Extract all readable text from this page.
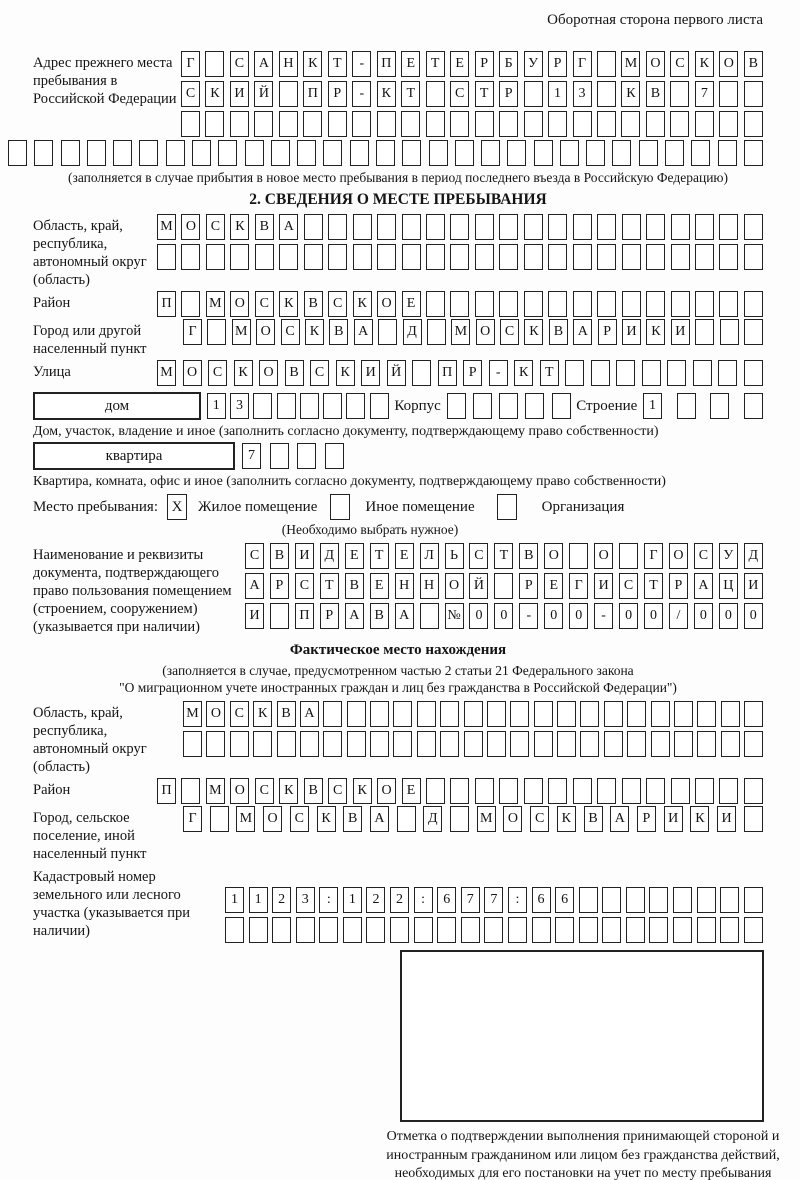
Оборотная сторона первого листа
Адрес прежнего места пребывания в Российской Федерации
Г	С	А	Н	К	Т	-	П	Е	Т	Е	Р	Б	У	Р	Г	М О	С	К	О	В
С	К	И	Й	П	Р	-	К	Т	С	Т	Р	1	3	К	В	7
(заполняется в случае прибытия в новое место пребывания в период последнего въезда в Российскую Федерацию)
2. СВЕДЕНИЯ О МЕСТЕ ПРЕБЫВАНИЯ
Область, край, республика, автономный округ (область)
М О	С	К	В	А
Район	П	М О	С	К	В	С	К	О	Е
Город или другой населенный пункт
Г	М О	С	К	В	А	Д	М О	С	К	В	А	Р	И	К	И
Улица	М	О	С	К	О	В	С	К	И	Й	П	Р	-	К	Т
дом	1	3	Корпус	Строение 1
Дом, участок, владение и иное (заполнить согласно документу, подтверждающему право собственности)
квартира	7
Квартира, комната, офис и иное (заполнить согласно документу, подтверждающему право собственности)
Место пребывания: X	Жилое помещение	Иное помещение	Организация
(Необходимо выбрать нужное)
Наименование и реквизиты документа, подтверждающего право пользования помещением (строением, сооружением) (указывается при наличии)
С	В	И	Д	Е	Т	Е	Л	Ь	С	Т	В	О	О	Г	О	С	У	Д
А	Р	С	Т	В	Е	Н	Н	О	Й	Р	Е	Г	И	С	Т	Р	А	Ц	И
И	П	Р	А	В	А	№	0	0	-	0	0	-	0	0	/	0	0	0
Фактическое место нахождения
(заполняется в случае, предусмотренном частью 2 статьи 21 Федерального закона
"О миграционном учете иностранных граждан и лиц без гражданства в Российской Федерации")
Область, край, республика, автономный округ (область)
М О С	К	В А
Район	П	М О	С	К	В	С	К	О	Е
Город, сельское поселение, иной населенный пункт
Г	М	О	С	К	В	А	Д	М	О	С	К	В	А	Р	И	К	И
Кадастровый номер земельного или лесного участка (указывается при наличии)
1	1	2	3	:	1	2	2	:	6	7	7	:	6	6
Отметка о подтверждении выполнения принимающей стороной и иностранным гражданином или лицом без гражданства действий, необходимых для его постановки на учет по месту пребывания
